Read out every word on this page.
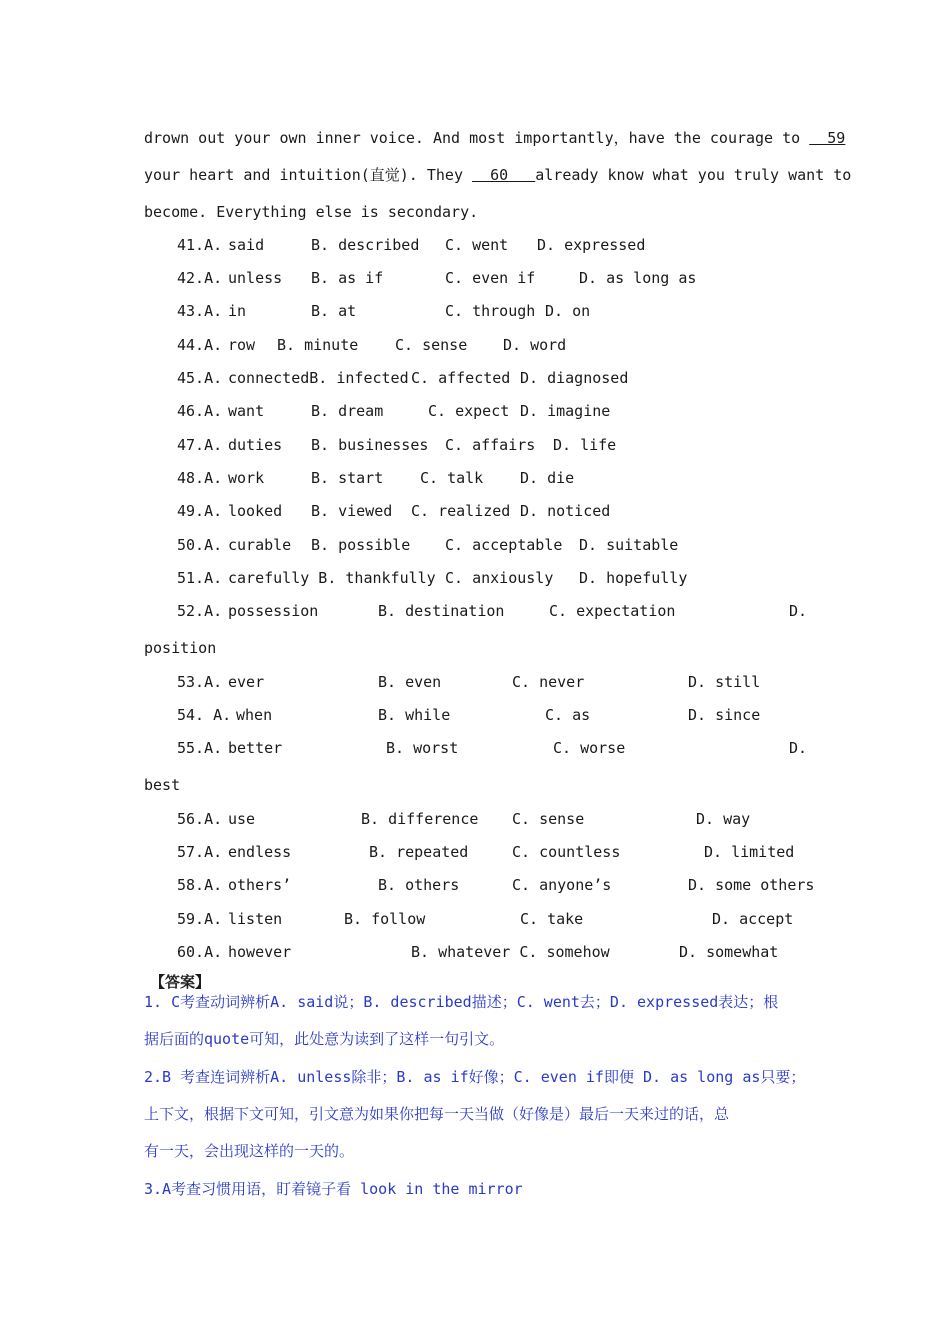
drown out your own inner voice. And most importantly，have the courage to   59
your heart and intuition(直觉). They   60   already know what you truly want to
become. Everything else is secondary.
41.A. said	B. described C. went D. expressed
42.A. unless B. as if	C. even if	D. as long as
43.A. in	B. at	C. through D. on
44.A. row B. minute C. sense D. word
45.A. connectedB. infected C. affected D. diagnosed
46.A. want	B. dream	C. expect D. imagine
47.A. duties B. businesses C. affairs D. life
48.A. work	B. start C. talk D. die
49.A. looked B. viewed C. realized D. noticed
50.A. curable B. possible C. acceptable D. suitable
51.A. carefully B. thankfully C. anxiously D. hopefully
52.A. possession	B. destination	C. expectation	D.
position
53.A. ever	B. even	C. never	D. still
54. A. when	B. while	C. as	D. since
55.A. better	B. worst	C. worse	D.
best
56.A. use	B. difference C. sense	D. way
57.A. endless	B. repeated	C. countless	D. limited
58.A. others’	B. others	C. anyone’s	D. some others
59.A. listen	B. follow	C. take	D. accept
60.A. however	B. whatever C. somehow	D. somewhat
【答案】
1. C考查动词辨析A. said说；B. described描述；C. went去；D. expressed表达；根
据后面的quote可知，此处意为读到了这样一句引文。
2.B 考查连词辨析A. unless除非；B. as if好像；C. even if即便 D. as long as只要；
上下文，根据下文可知，引文意为如果你把每一天当做（好像是）最后一天来过的话，总
有一天，会出现这样的一天的。
3.A考查习惯用语，盯着镜子看 look in the mirror
